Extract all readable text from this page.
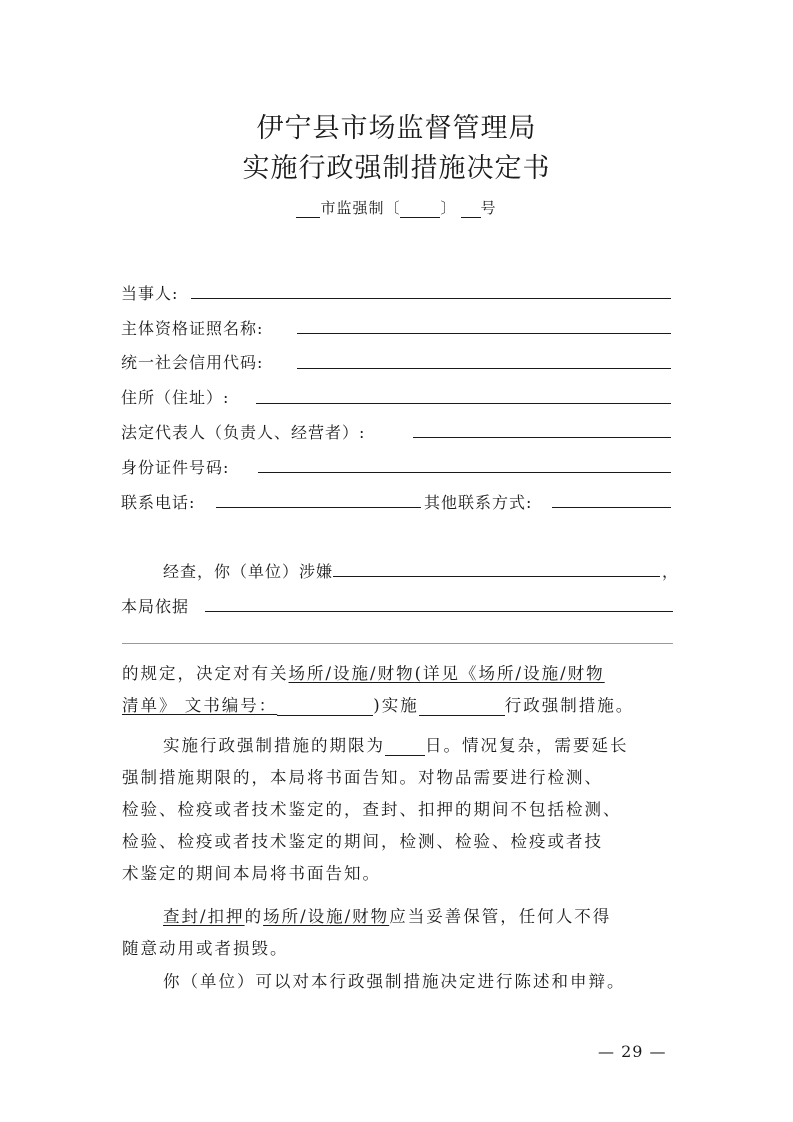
伊宁县市场监督管理局
实施行政强制措施决定书
市监强制〔	〕 号
当事人:
主体资格证照名称:
统一社会信用代码:
住所（住址）:
法定代表人（负责人、经营者）:
身份证件号码:
联系电话:	其他联系方式:
经查，你（单位）涉嫌	，
本局依据
的规定，决定对有关场所/设施/财物(详见《场所/设施/财物
清单》 文书编号：	)实施	行政强制措施。
实施行政强制措施的期限为 日。情况复杂，需要延长
强制措施期限的，本局将书面告知。对物品需要进行检测、
检验、检疫或者技术鉴定的，查封、扣押的期间不包括检测、
检验、检疫或者技术鉴定的期间，检测、检验、检疫或者技
术鉴定的期间本局将书面告知。
查封/扣押的场所/设施/财物应当妥善保管，任何人不得
随意动用或者损毁。
你（单位）可以对本行政强制措施决定进行陈述和申辩。
— 29 —
